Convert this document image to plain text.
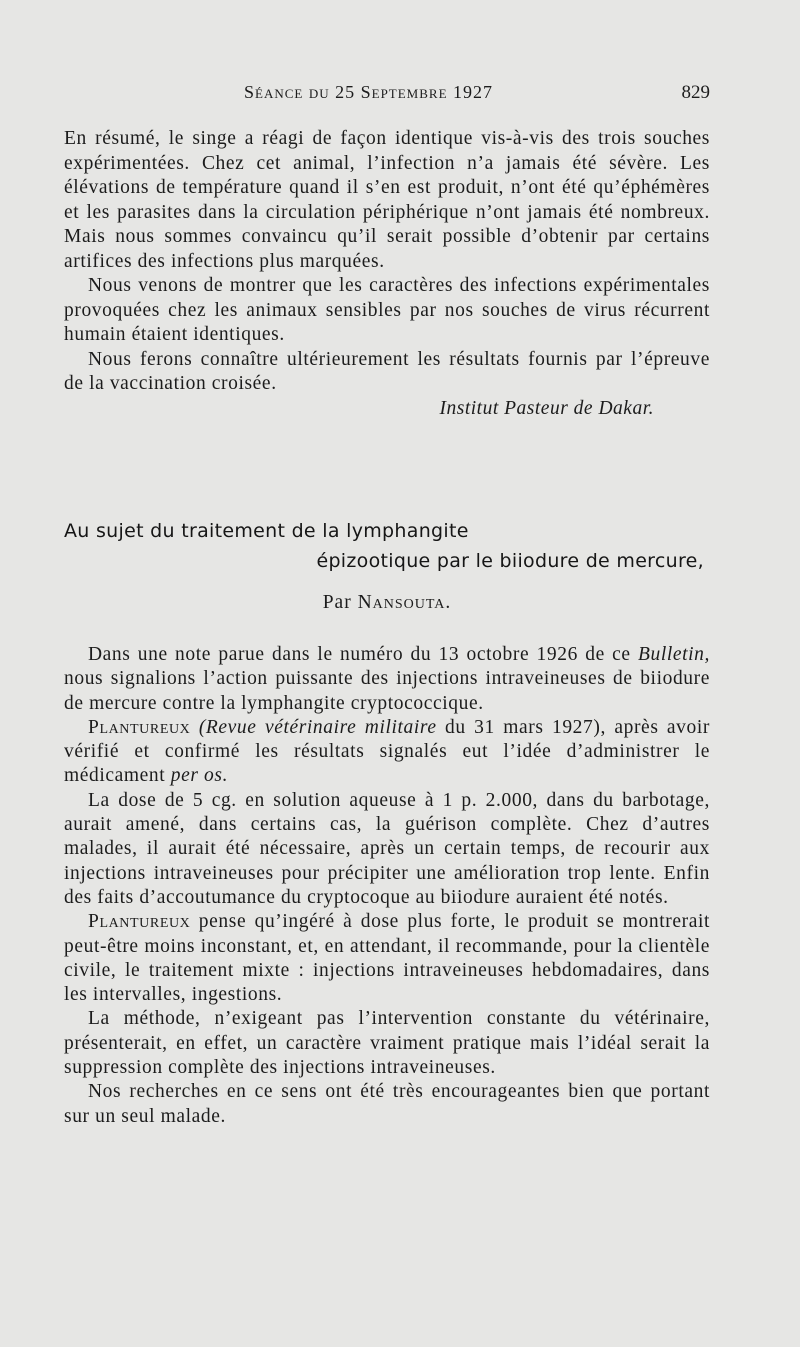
Séance du 25 Septembre 1927	829

En résumé, le singe a réagi de façon identique vis-à-vis des trois souches expérimentées. Chez cet animal, l’infection n’a jamais été sévère. Les élévations de température quand il s’en est produit, n’ont été qu’éphémères et les parasites dans la circulation périphérique n’ont jamais été nombreux. Mais nous sommes convaincu qu’il serait possible d’obtenir par certains artifices des infections plus marquées.

Nous venons de montrer que les caractères des infections expérimentales provoquées chez les animaux sensibles par nos souches de virus récurrent humain étaient identiques.

Nous ferons connaître ultérieurement les résultats fournis par l’épreuve de la vaccination croisée.

Institut Pasteur de Dakar.

Au sujet du traitement de la lymphangite
épizootique par le biiodure de mercure,
Par Nansouta.

Dans une note parue dans le numéro du 13 octobre 1926 de ce Bulletin, nous signalions l’action puissante des injections intraveineuses de biiodure de mercure contre la lymphangite cryptococcique.

Plantureux (Revue vétérinaire militaire du 31 mars 1927), après avoir vérifié et confirmé les résultats signalés eut l’idée d’administrer le médicament per os.

La dose de 5 cg. en solution aqueuse à 1 p. 2.000, dans du barbotage, aurait amené, dans certains cas, la guérison complète. Chez d’autres malades, il aurait été nécessaire, après un certain temps, de recourir aux injections intraveineuses pour précipiter une amélioration trop lente. Enfin des faits d’accoutumance du cryptocoque au biiodure auraient été notés.

Plantureux pense qu’ingéré à dose plus forte, le produit se montrerait peut-être moins inconstant, et, en attendant, il recommande, pour la clientèle civile, le traitement mixte : injections intraveineuses hebdomadaires, dans les intervalles, ingestions.

La méthode, n’exigeant pas l’intervention constante du vétérinaire, présenterait, en effet, un caractère vraiment pratique mais l’idéal serait la suppression complète des injections intraveineuses.

Nos recherches en ce sens ont été très encourageantes bien que portant sur un seul malade.
